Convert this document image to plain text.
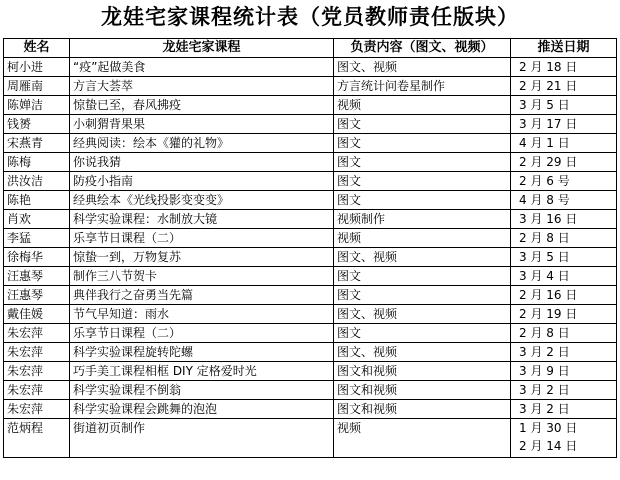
龙娃宅家课程统计表（党员教师责任版块）
姓名	龙娃宅家课程	负责内容（图文、视频）	推送日期
柯小进	“疫”起做美食	图文、视频	2 月 18 日

周雁南	方言大荟萃	方言统计问卷星制作	2 月 21 日

陈婵洁	惊蛰已至，春风拂疫	视频	3 月 5 日

钱赟	小刺猬背果果	图文	3 月 17 日

宋燕青	经典阅读：绘本《獾的礼物》	图文	4 月 1 日

陈梅	你说我猜	图文	2 月 29 日

洪汝洁	防疫小指南	图文	2 月 6 号

陈艳	经典绘本《光线投影变变变》	图文	4 月 8 号

肖欢	科学实验课程：水制放大镜	视频制作	3 月 16 日

李猛	乐享节日课程（二）	视频	2 月 8 日

徐梅华	惊蛰一到，万物复苏	图文、视频	3 月 5 日

汪惠琴	制作三八节贺卡	图文	3 月 4 日

汪惠琴	典伴我行之奋勇当先篇	图文	2 月 16 日

戴佳媛	节气早知道：雨水	图文、视频	2 月 19 日

朱宏萍	乐享节日课程（二）	图文	2 月 8 日

朱宏萍	科学实验课程旋转陀螺	图文、视频	3 月 2 日

朱宏萍	巧手美工课程相框 DIY 定格爱时光	图文和视频	3 月 9 日

朱宏萍	科学实验课程不倒翁	图文和视频	3 月 2 日

朱宏萍	科学实验课程会跳舞的泡泡	图文和视频	3 月 2 日

范炳程	街道初页制作	视频	1 月 30 日
2 月 14 日
